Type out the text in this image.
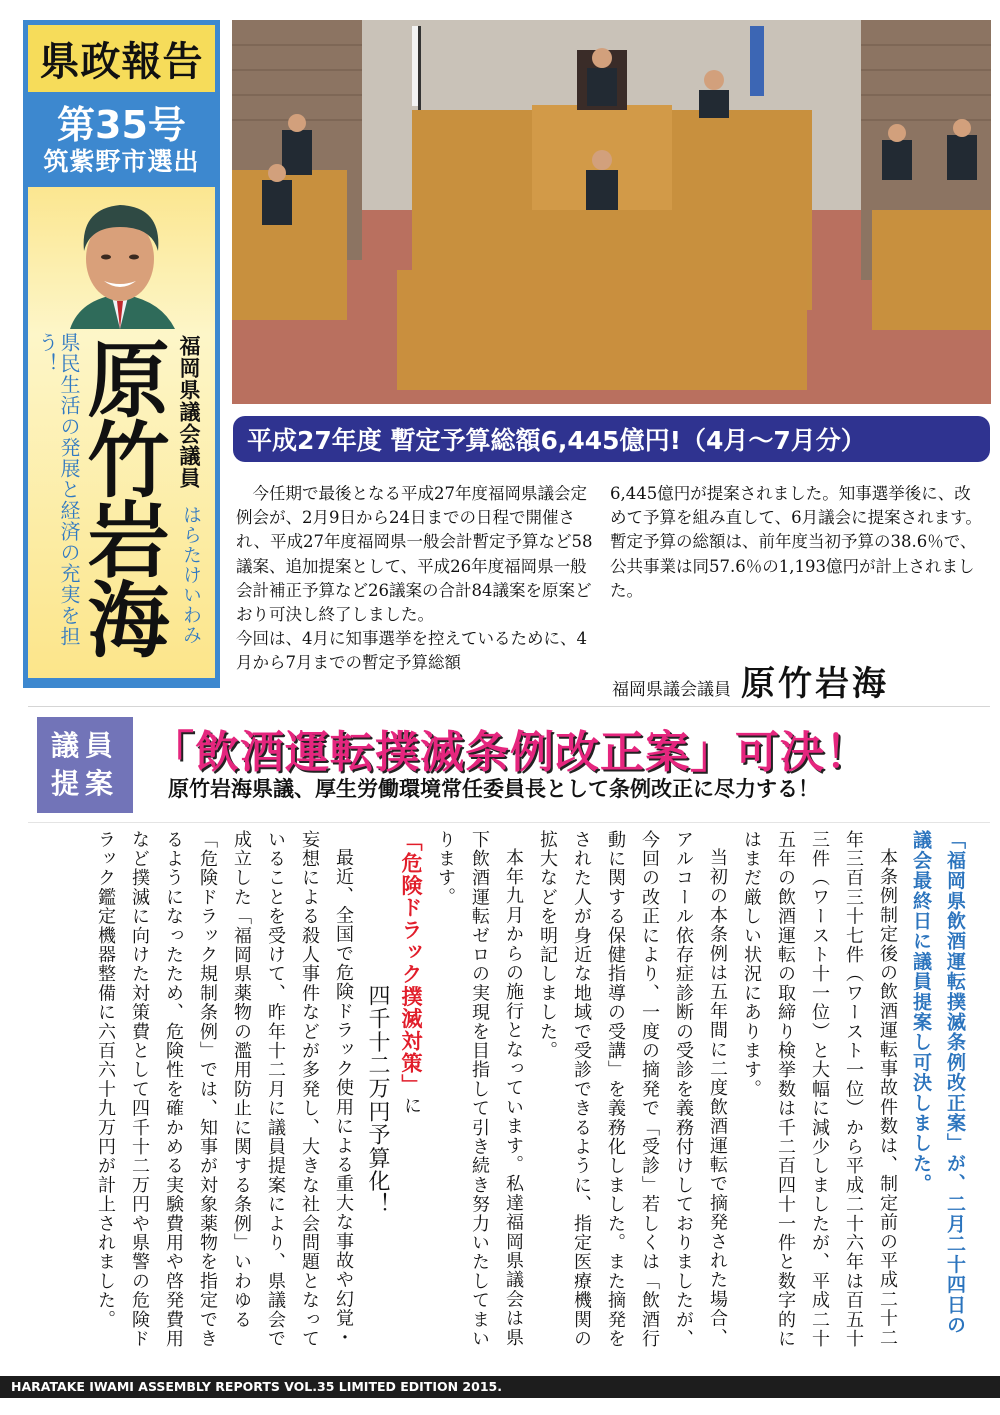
県政報告
第35号
筑紫野市選出
県民生活の発展と経済の充実を担う！ 原竹岩海 福岡県議会議員
はらたけいわみ
平成27年度 暫定予算総額6,445億円!（4月～7月分）

　今任期で最後となる平成27年度福岡県議会定例会が、2月9日から24日までの日程で開催され、平成27年度福岡県一般会計暫定予算など58議案、追加提案として、平成26年度福岡県一般会計補正予算など26議案の合計84議案を原案どおり可決し終了しました。

今回は、4月に知事選挙を控えているために、4月から7月までの暫定予算総額

6,445億円が提案されました。知事選挙後に、改めて予算を組み直して、6月議会に提案されます。暫定予算の総額は、前年度当初予算の38.6％で、公共事業は同57.6％の1,193億円が計上されました。

福岡県議会議員 原竹岩海
議員
提案
「飲酒運転撲滅条例改正案」可決！
原竹岩海県議、厚生労働環境常任委員長として条例改正に尽力する！

「福岡県飲酒運転撲滅条例改正案」が、二月二十四日の議会最終日に議員提案し可決しました。

本条例制定後の飲酒運転事故件数は、制定前の平成二十二年三百三十七件（ワースト一位）から平成二十六年は百五十三件（ワースト十一位）と大幅に減少しましたが、平成二十五年の飲酒運転の取締り検挙数は千二百四十一件と数字的にはまだ厳しい状況にあります。

当初の本条例は五年間に二度飲酒運転で摘発された場合、アルコール依存症診断の受診を義務付けしておりましたが、今回の改正により、一度の摘発で「受診」若しくは「飲酒行動に関する保健指導の受講」を義務化しました。また摘発をされた人が身近な地域で受診できるように、指定医療機関の拡大などを明記しました。

本年九月からの施行となっています。私達福岡県議会は県下飲酒運転ゼロの実現を目指して引き続き努力いたしてまいります。

「危険ドラック撲滅対策」に

四千十二万円予算化！

最近、全国で危険ドラック使用による重大な事故や幻覚・妄想による殺人事件などが多発し、大きな社会問題となっていることを受けて、昨年十二月に議員提案により、県議会で成立した「福岡県薬物の濫用防止に関する条例」いわゆる「危険ドラック規制条例」では、知事が対象薬物を指定できるようになったため、危険性を確かめる実験費用や啓発費用など撲滅に向けた対策費として四千十二万円や県警の危険ドラック鑑定機器整備に六百六十九万円が計上されました。

HARATAKE IWAMI ASSEMBLY REPORTS VOL.35 LIMITED EDITION 2015.
